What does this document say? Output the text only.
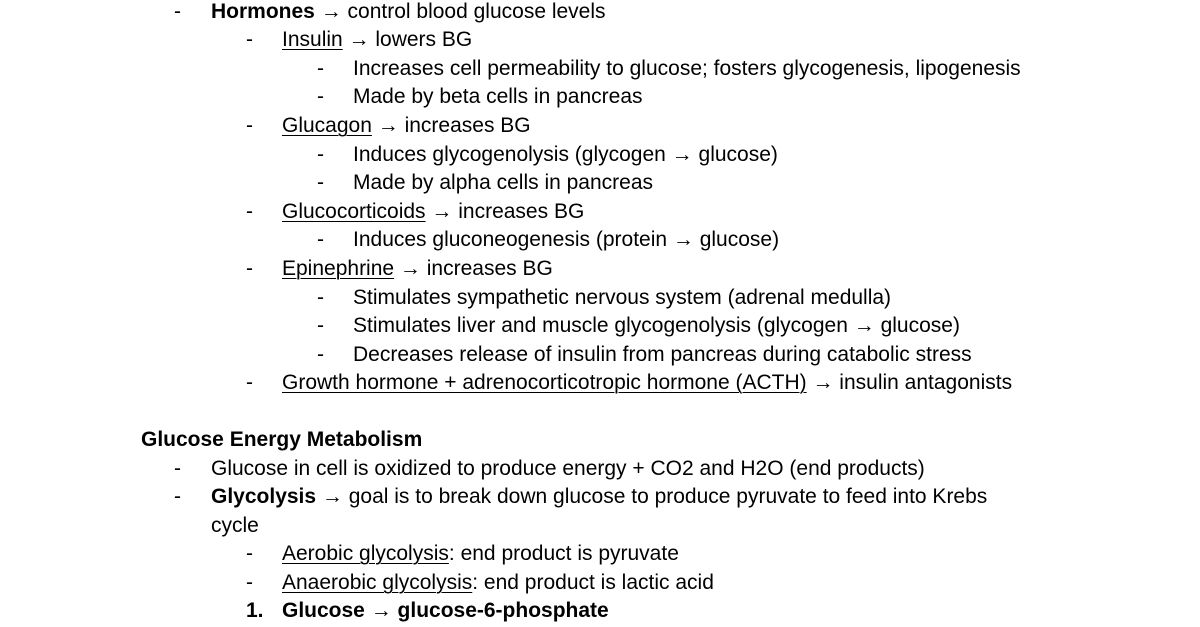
- Hormones → control blood glucose levels
- Insulin → lowers BG
- Increases cell permeability to glucose; fosters glycogenesis, lipogenesis
- Made by beta cells in pancreas
- Glucagon → increases BG
- Induces glycogenolysis (glycogen → glucose)
- Made by alpha cells in pancreas
- Glucocorticoids → increases BG
- Induces gluconeogenesis (protein → glucose)
- Epinephrine → increases BG
- Stimulates sympathetic nervous system (adrenal medulla)
- Stimulates liver and muscle glycogenolysis (glycogen → glucose)
- Decreases release of insulin from pancreas during catabolic stress
- Growth hormone + adrenocorticotropic hormone (ACTH) → insulin antagonists
Glucose Energy Metabolism
- Glucose in cell is oxidized to produce energy + CO2 and H2O (end products)
- Glycolysis → goal is to break down glucose to produce pyruvate to feed into Krebs
cycle
- Aerobic glycolysis: end product is pyruvate
- Anaerobic glycolysis: end product is lactic acid
1. Glucose → glucose-6-phosphate
